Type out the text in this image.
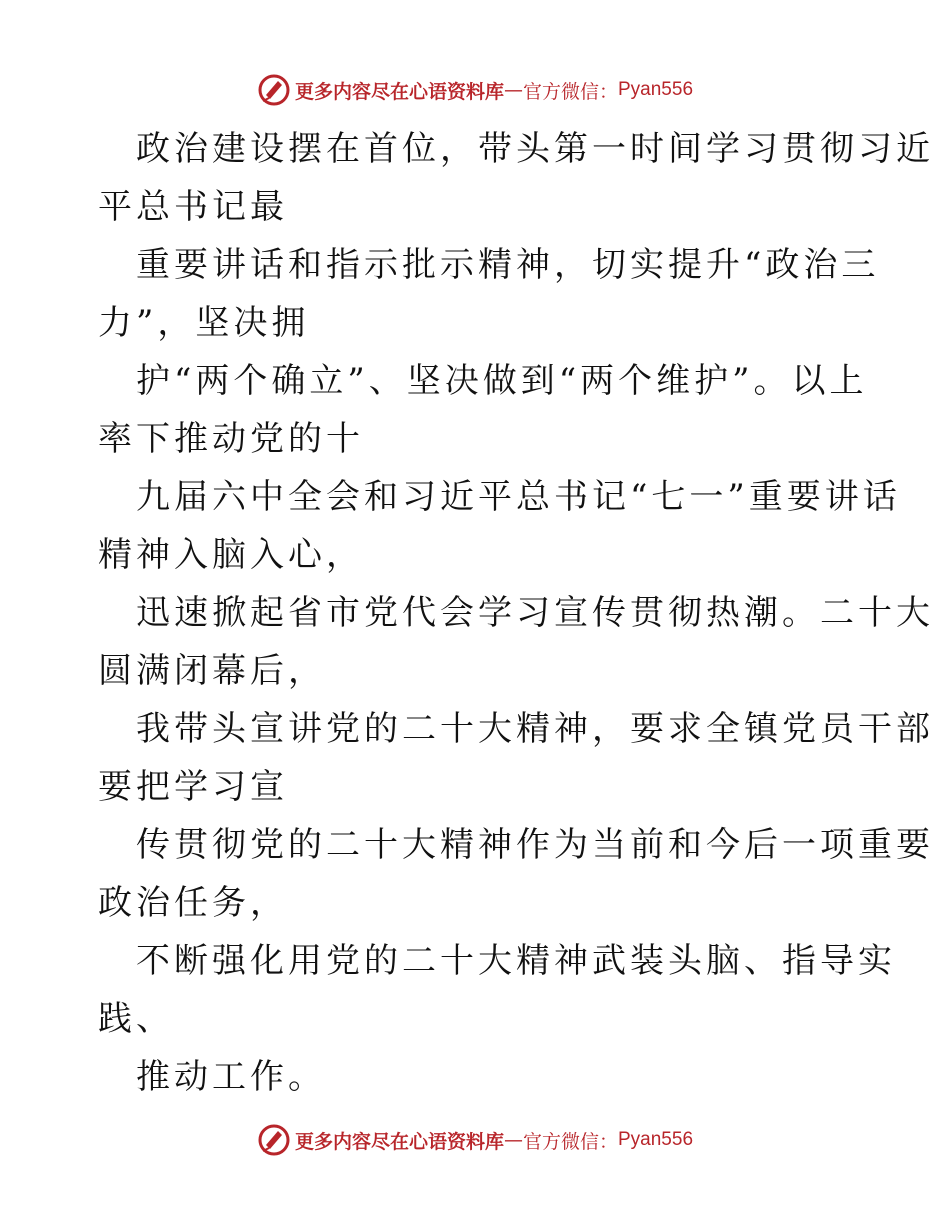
更多内容尽在心语资料库 — 官方微信： Pyan556
政治建设摆在首位，带头第一时间学习贯彻习近
平总书记最
重要讲话和指示批示精神，切实提升“政治三
力”，坚决拥
护“两个确立”、坚决做到“两个维护”。以上
率下推动党的十
九届六中全会和习近平总书记“七一”重要讲话
精神入脑入心，
迅速掀起省市党代会学习宣传贯彻热潮。二十大
圆满闭幕后，
我带头宣讲党的二十大精神，要求全镇党员干部
要把学习宣
传贯彻党的二十大精神作为当前和今后一项重要
政治任务，
不断强化用党的二十大精神武装头脑、指导实
践、
推动工作。
更多内容尽在心语资料库 — 官方微信： Pyan556
